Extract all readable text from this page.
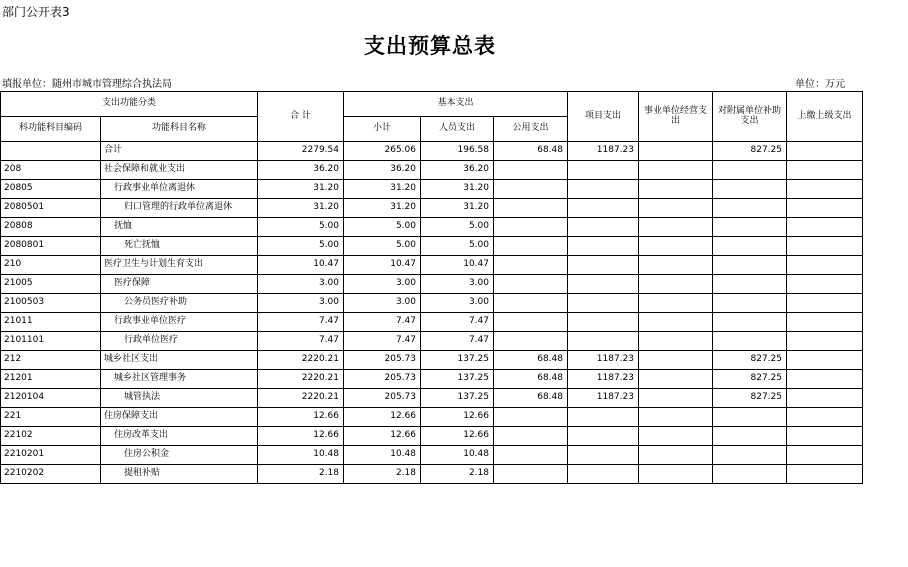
部门公开表3
支出预算总表
填报单位：随州市城市管理综合执法局	单位：万元
支出功能分类		合 计	基本支出			项目支出	事业单位经营支出	对附属单位补助支出	上缴上级支出
科功能科目编码	功能科目名称		小计	人员支出	公用支出				
	合计	2279.54	265.06	196.58	68.48	1187.23		827.25	
208	社会保障和就业支出	36.20	36.20	36.20					
20805	行政事业单位离退休	31.20	31.20	31.20					
2080501	归口管理的行政单位离退休	31.20	31.20	31.20					
20808	抚恤	5.00	5.00	5.00					
2080801	死亡抚恤	5.00	5.00	5.00					
210	医疗卫生与计划生育支出	10.47	10.47	10.47					
21005	医疗保障	3.00	3.00	3.00					
2100503	公务员医疗补助	3.00	3.00	3.00					
21011	行政事业单位医疗	7.47	7.47	7.47					
2101101	行政单位医疗	7.47	7.47	7.47					
212	城乡社区支出	2220.21	205.73	137.25	68.48	1187.23		827.25	
21201	城乡社区管理事务	2220.21	205.73	137.25	68.48	1187.23		827.25	
2120104	城管执法	2220.21	205.73	137.25	68.48	1187.23		827.25	
221	住房保障支出	12.66	12.66	12.66					
22102	住房改革支出	12.66	12.66	12.66					
2210201	住房公积金	10.48	10.48	10.48					
2210202	提租补贴	2.18	2.18	2.18					
